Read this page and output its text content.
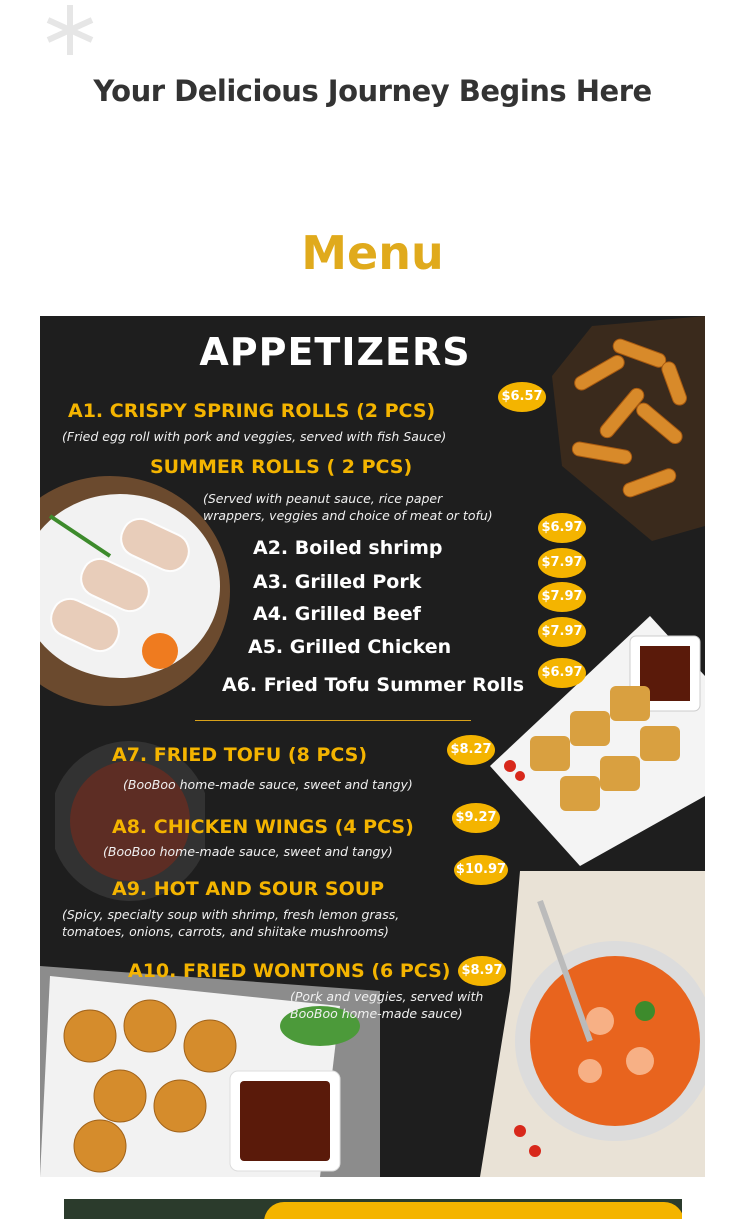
Your Delicious Journey Begins Here
Menu
APPETIZERS
A1. CRISPY SPRING ROLLS (2 PCS)
(Fried egg roll with pork and veggies, served with fish Sauce)
$6.57
SUMMER ROLLS ( 2 PCS)
(Served with peanut sauce, rice paper
wrappers, veggies and choice of meat or tofu)
A2. Boiled shrimp
$6.97
A3. Grilled Pork
$7.97
A4. Grilled Beef
$7.97
A5. Grilled Chicken
$7.97
A6. Fried Tofu Summer Rolls
$6.97
A7. FRIED TOFU (8 PCS)
(BooBoo home-made sauce, sweet and tangy)
$8.27
A8. CHICKEN WINGS (4 PCS)
(BooBoo home-made sauce, sweet and tangy)
$9.27
A9. HOT AND SOUR SOUP
(Spicy, specialty soup with shrimp, fresh lemon grass,
tomatoes, onions, carrots, and shiitake mushrooms)
$10.97
A10. FRIED WONTONS (6 PCS)
(Pork and veggies, served with
BooBoo home-made sauce)
$8.97
